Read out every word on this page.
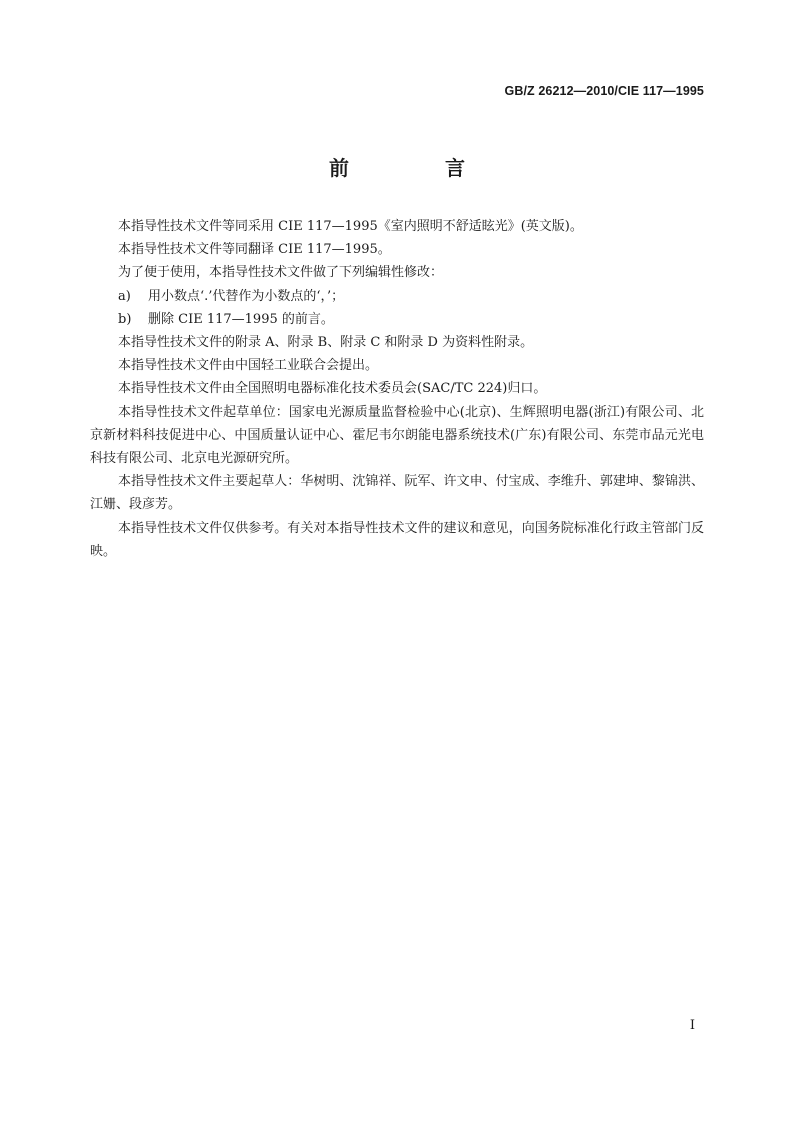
GB/Z 26212—2010/CIE 117—1995
前　言

本指导性技术文件等同采用 CIE 117—1995《室内照明不舒适眩光》(英文版)。

本指导性技术文件等同翻译 CIE 117—1995。

为了便于使用，本指导性技术文件做了下列编辑性修改：

a) 用小数点‘.’代替作为小数点的‘，’；

b) 删除 CIE 117—1995 的前言。

本指导性技术文件的附录 A、附录 B、附录 C 和附录 D 为资料性附录。

本指导性技术文件由中国轻工业联合会提出。

本指导性技术文件由全国照明电器标准化技术委员会(SAC/TC 224)归口。

本指导性技术文件起草单位：国家电光源质量监督检验中心(北京)、生辉照明电器(浙江)有限公司、北京新材料科技促进中心、中国质量认证中心、霍尼韦尔朗能电器系统技术(广东)有限公司、东莞市品元光电科技有限公司、北京电光源研究所。

本指导性技术文件主要起草人：华树明、沈锦祥、阮军、许文申、付宝成、李维升、郭建坤、黎锦洪、江姗、段彦芳。

本指导性技术文件仅供参考。有关对本指导性技术文件的建议和意见，向国务院标准化行政主管部门反映。

I
